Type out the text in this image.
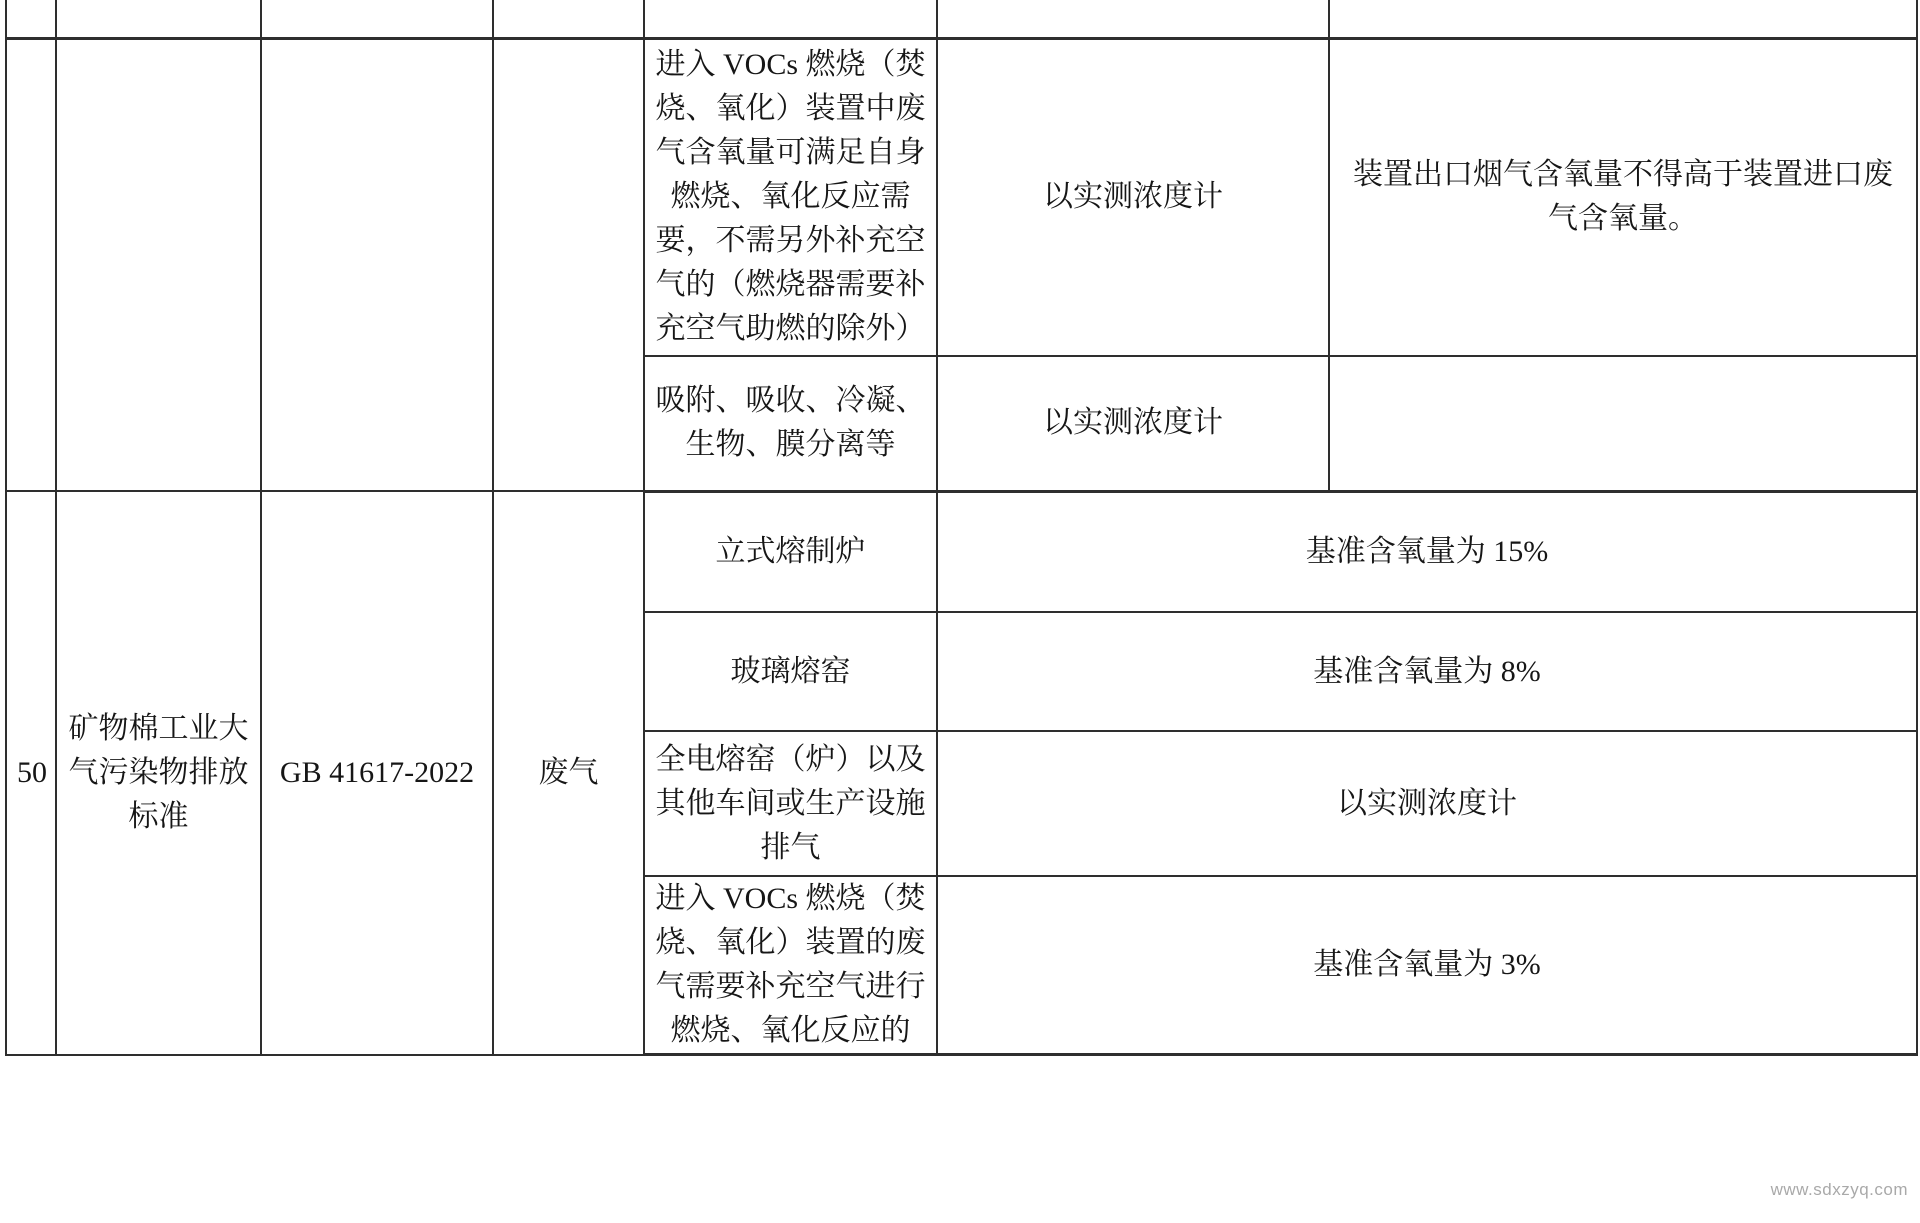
				进入 VOCs 燃烧（焚烧、氧化）装置中废气含氧量可满足自身燃烧、氧化反应需要，不需另外补充空气的（燃烧器需要补充空气助燃的除外）	以实测浓度计	装置出口烟气含氧量不得高于装置进口废气含氧量。
				吸附、吸收、冷凝、生物、膜分离等	以实测浓度计	
50	矿物棉工业大气污染物排放标准	GB 41617-2022	废气	立式熔制炉	基准含氧量为 15%	
				玻璃熔窑	基准含氧量为 8%	
				全电熔窑（炉）以及其他车间或生产设施排气	以实测浓度计	
				进入 VOCs 燃烧（焚烧、氧化）装置的废气需要补充空气进行燃烧、氧化反应的	基准含氧量为 3%	
www.sdxzyq.com
